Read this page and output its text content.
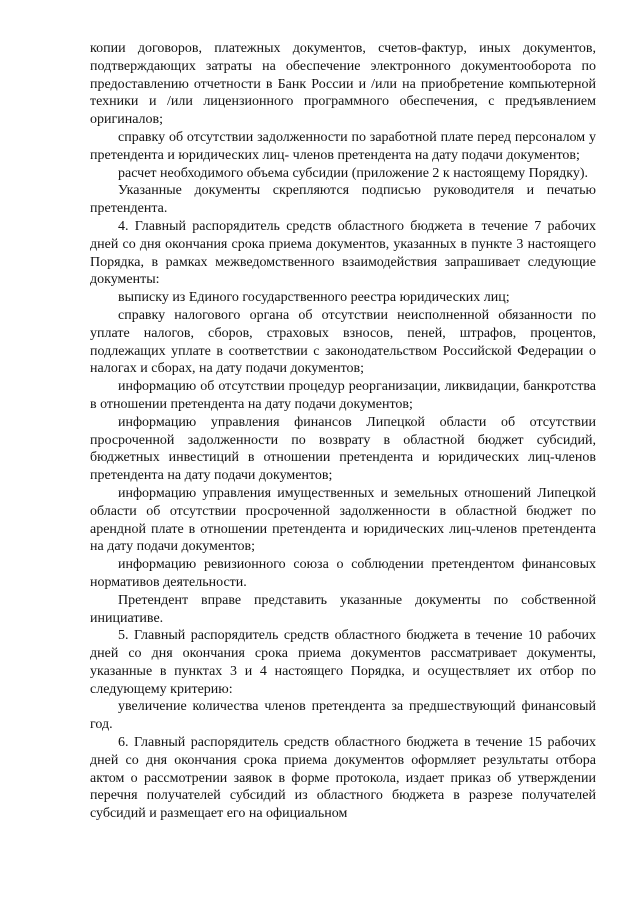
копии договоров, платежных документов, счетов-фактур, иных документов, подтверждающих затраты на обеспечение электронного документооборота по предоставлению отчетности в Банк России и /или на приобретение компьютерной техники и /или лицензионного программного обеспечения, с предъявлением оригиналов;

справку об отсутствии задолженности по заработной плате перед персоналом у претендента и юридических лиц- членов претендента на дату подачи документов;

расчет необходимого объема субсидии (приложение 2 к настоящему Порядку).

Указанные документы скрепляются подписью руководителя и печатью претендента.

4. Главный распорядитель средств областного бюджета в течение 7 рабочих дней со дня окончания срока приема документов, указанных в пункте 3 настоящего Порядка, в рамках межведомственного взаимодействия запрашивает следующие документы:

выписку из Единого государственного реестра юридических лиц;

справку налогового органа об отсутствии неисполненной обязанности по уплате налогов, сборов, страховых взносов, пеней, штрафов, процентов, подлежащих уплате в соответствии с законодательством Российской Федерации о налогах и сборах, на дату подачи документов;

информацию об отсутствии процедур реорганизации, ликвидации, банкротства в отношении претендента на дату подачи документов;

информацию управления финансов Липецкой области об отсутствии просроченной задолженности по возврату в областной бюджет субсидий, бюджетных инвестиций в отношении претендента и юридических лиц-членов претендента на дату подачи документов;

информацию управления имущественных и земельных отношений Липецкой области об отсутствии просроченной задолженности в областной бюджет по арендной плате в отношении претендента и юридических лиц-членов претендента на дату подачи документов;

информацию ревизионного союза о соблюдении претендентом финансовых нормативов деятельности.

Претендент вправе представить указанные документы по собственной инициативе.

5. Главный распорядитель средств областного бюджета в течение 10 рабочих дней со дня окончания срока приема документов рассматривает документы, указанные в пунктах 3 и 4 настоящего Порядка, и осуществляет их отбор по следующему критерию:

увеличение количества членов претендента за предшествующий финансовый год.

6. Главный распорядитель средств областного бюджета в течение 15 рабочих дней со дня окончания срока приема документов оформляет результаты отбора актом о рассмотрении заявок в форме протокола, издает приказ об утверждении перечня получателей субсидий из областного бюджета в разрезе получателей субсидий и размещает его на официальном
